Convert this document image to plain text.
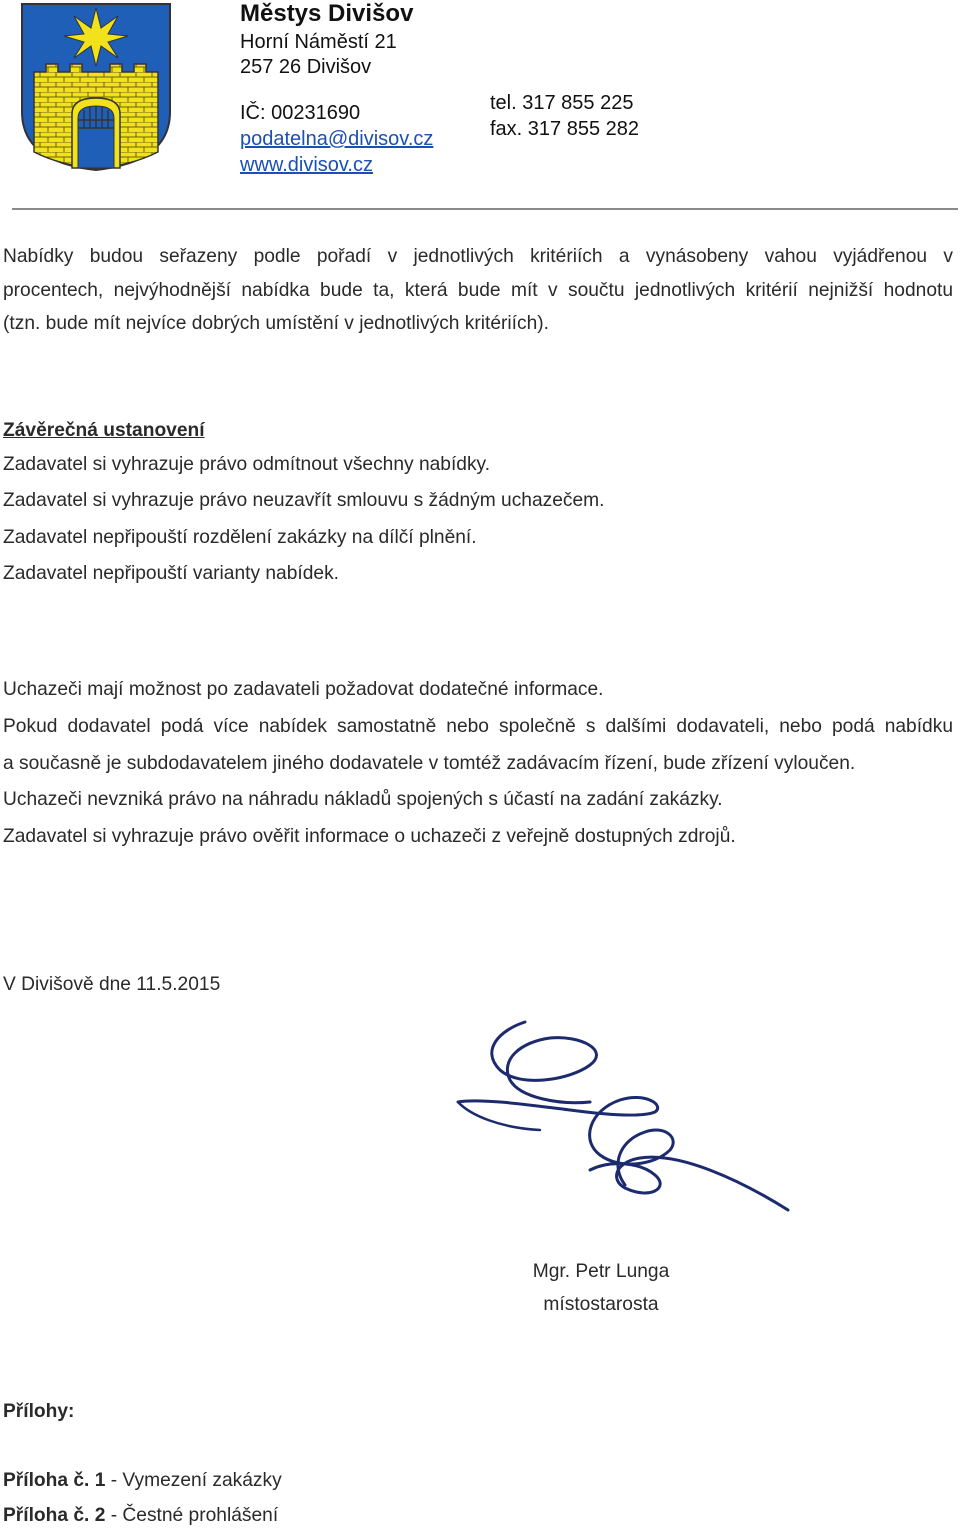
Městys Divišov
Horní Náměstí 21
257 26 Divišov
IČ: 00231690
podatelna@divisov.cz
www.divisov.cz
tel. 317 855 225
fax. 317 855 282
Nabídky budou seřazeny podle pořadí v jednotlivých kritériích a vynásobeny vahou vyjádřenou v
procentech, nejvýhodnější nabídka bude ta, která bude mít v součtu jednotlivých kritérií nejnižší hodnotu
(tzn. bude mít nejvíce dobrých umístění v jednotlivých kritériích).
Závěrečná ustanovení
Zadavatel si vyhrazuje právo odmítnout všechny nabídky.
Zadavatel si vyhrazuje právo neuzavřít smlouvu s žádným uchazečem.
Zadavatel nepřipouští rozdělení zakázky na dílčí plnění.
Zadavatel nepřipouští varianty nabídek.
Uchazeči mají možnost po zadavateli požadovat dodatečné informace.
Pokud dodavatel podá více nabídek samostatně nebo společně s dalšími dodavateli, nebo podá nabídku
a současně je subdodavatelem jiného dodavatele v tomtéž zadávacím řízení, bude zřízení vyloučen.
Uchazeči nevzniká právo na náhradu nákladů spojených s účastí na zadání zakázky.
Zadavatel si vyhrazuje právo ověřit informace o uchazeči z veřejně dostupných zdrojů.
V Divišově dne 11.5.2015
Mgr. Petr Lunga
místostarosta
Přílohy:
Příloha č. 1 - Vymezení zakázky
Příloha č. 2 - Čestné prohlášení
